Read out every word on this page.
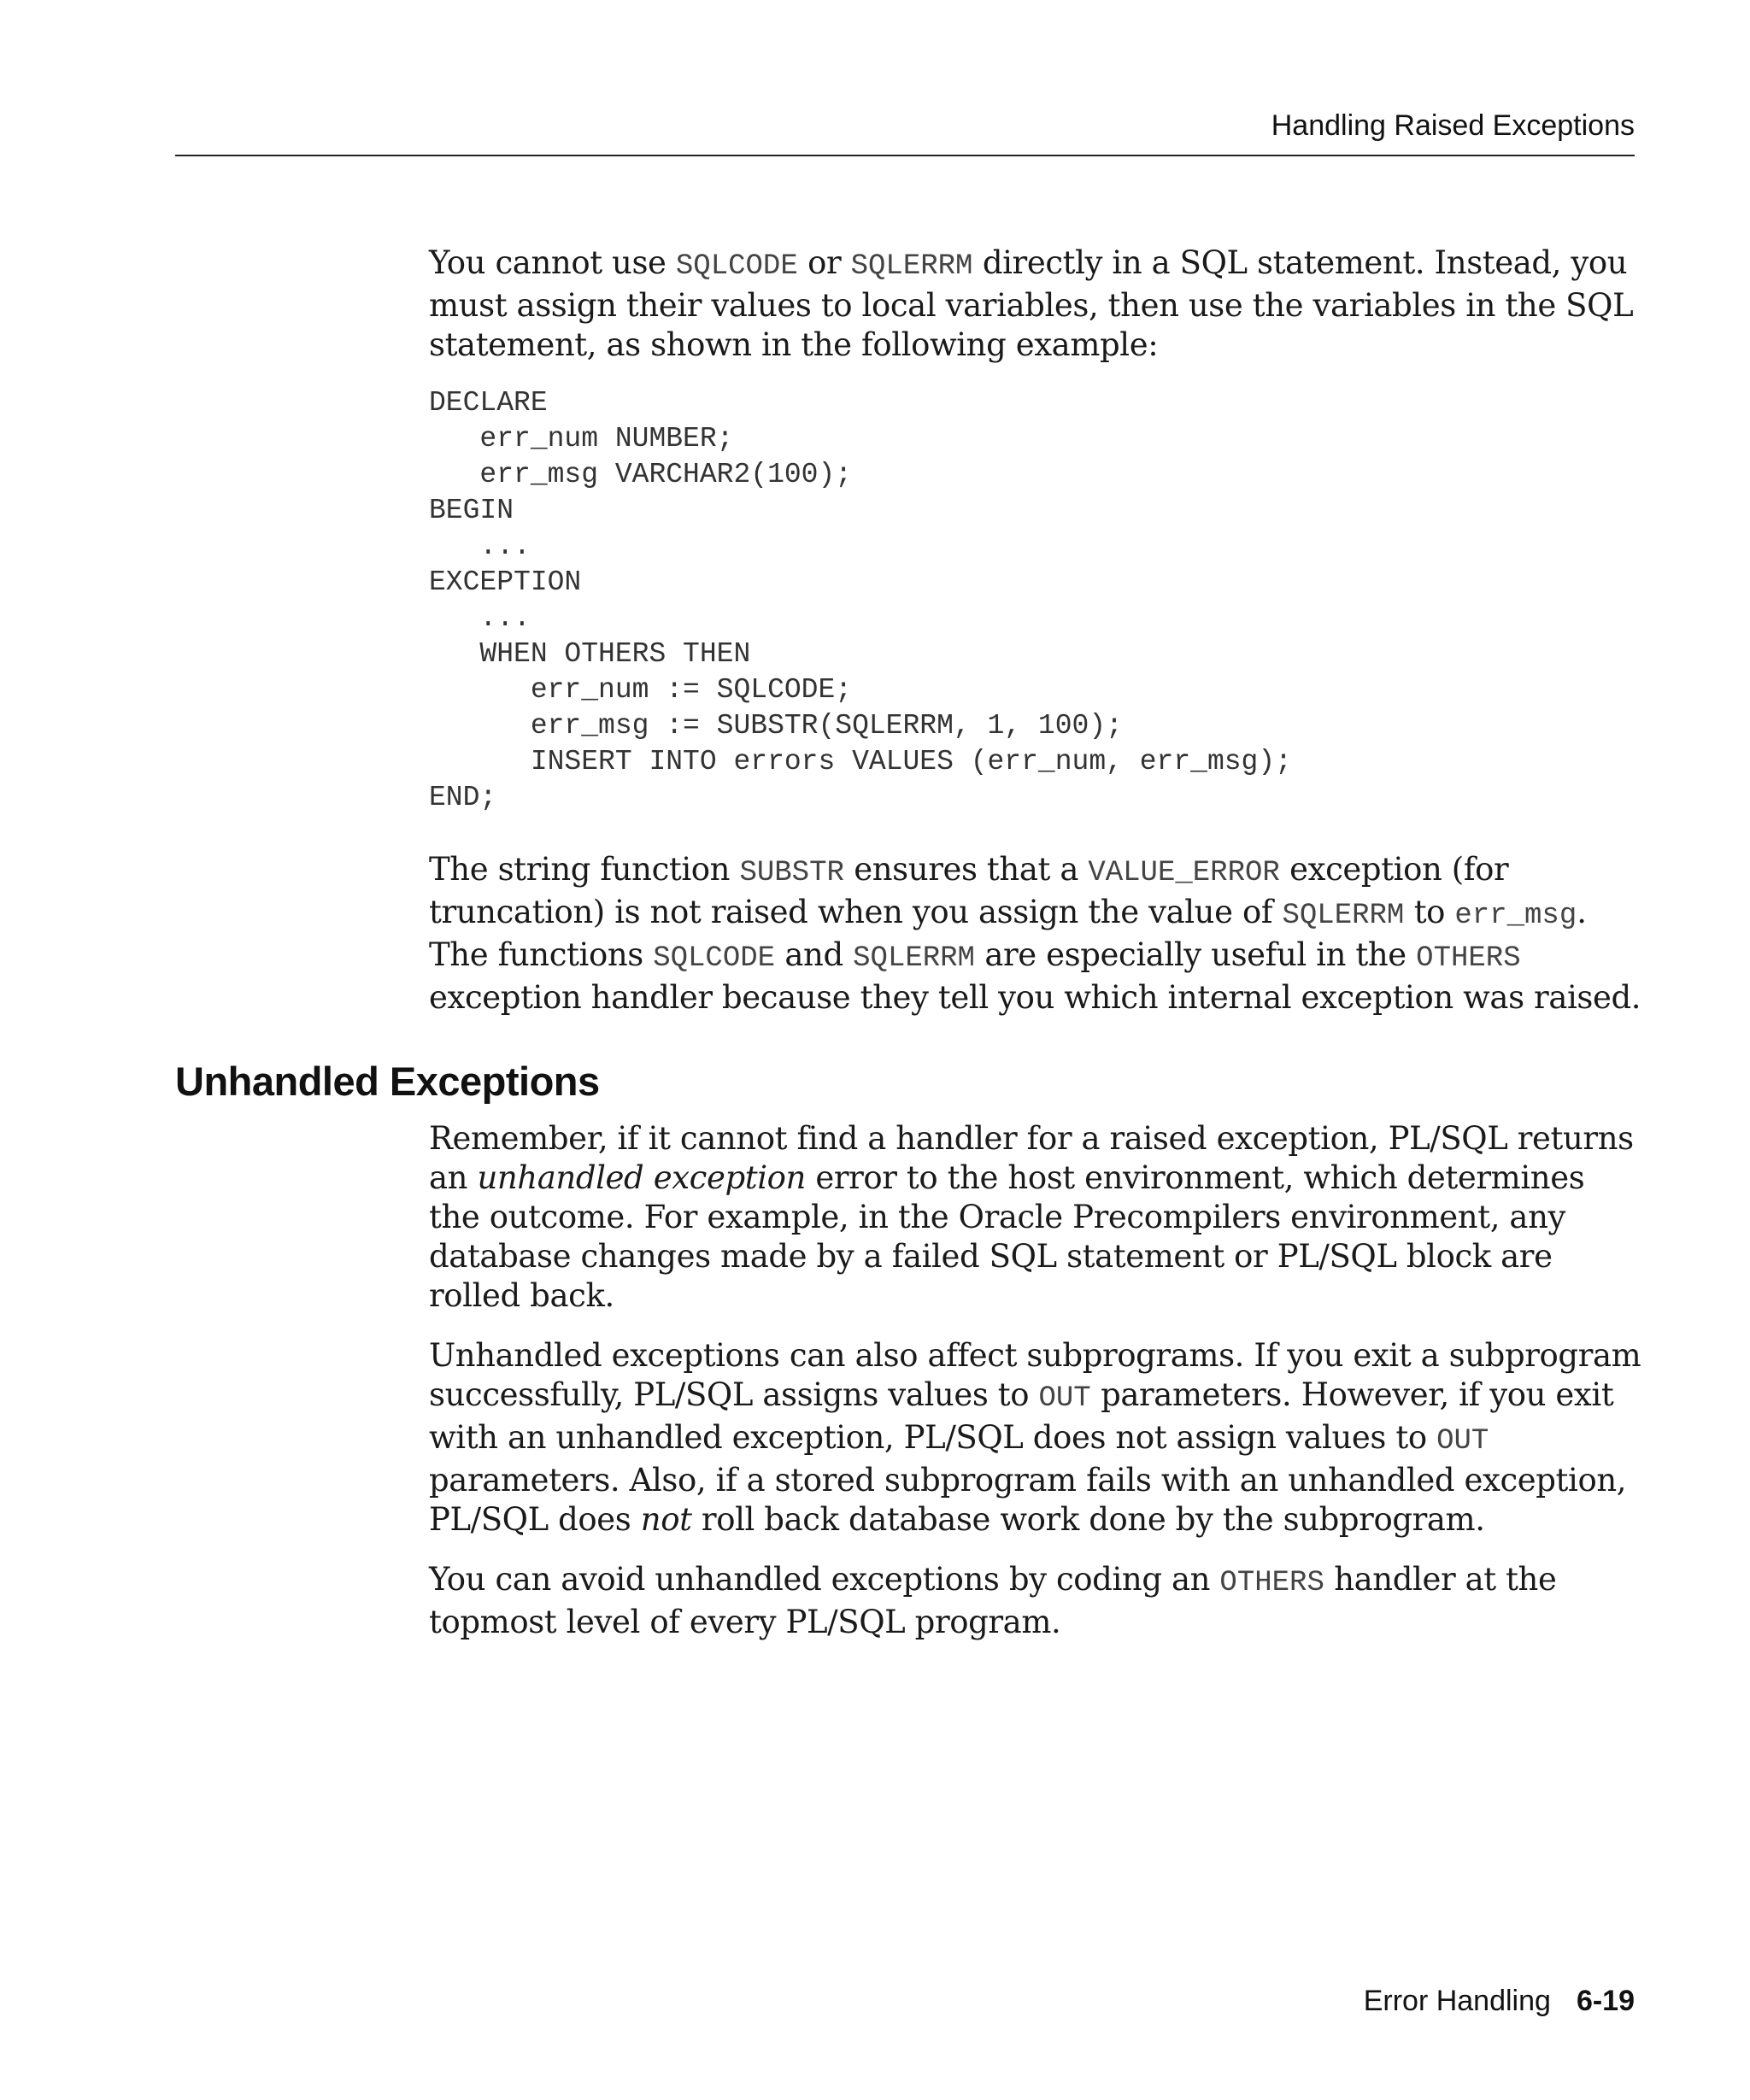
Handling Raised Exceptions

You cannot use SQLCODE or SQLERRM directly in a SQL statement. Instead, you must assign their values to local variables, then use the variables in the SQL statement, as shown in the following example:

DECLARE
err_num NUMBER;
err_msg VARCHAR2(100);
BEGIN
...
EXCEPTION
...
WHEN OTHERS THEN
err_num := SQLCODE;
err_msg := SUBSTR(SQLERRM, 1, 100);
INSERT INTO errors VALUES (err_num, err_msg);
END;

The string function SUBSTR ensures that a VALUE_ERROR exception (for truncation) is not raised when you assign the value of SQLERRM to err_msg. The functions SQLCODE and SQLERRM are especially useful in the OTHERS exception handler because they tell you which internal exception was raised.

Unhandled Exceptions

Remember, if it cannot find a handler for a raised exception, PL/SQL returns an unhandled exception error to the host environment, which determines the outcome. For example, in the Oracle Precompilers environment, any database changes made by a failed SQL statement or PL/SQL block are rolled back.

Unhandled exceptions can also affect subprograms. If you exit a subprogram successfully, PL/SQL assigns values to OUT parameters. However, if you exit with an unhandled exception, PL/SQL does not assign values to OUT parameters. Also, if a stored subprogram fails with an unhandled exception, PL/SQL does not roll back database work done by the subprogram.

You can avoid unhandled exceptions by coding an OTHERS handler at the topmost level of every PL/SQL program.

Error Handling 6-19
